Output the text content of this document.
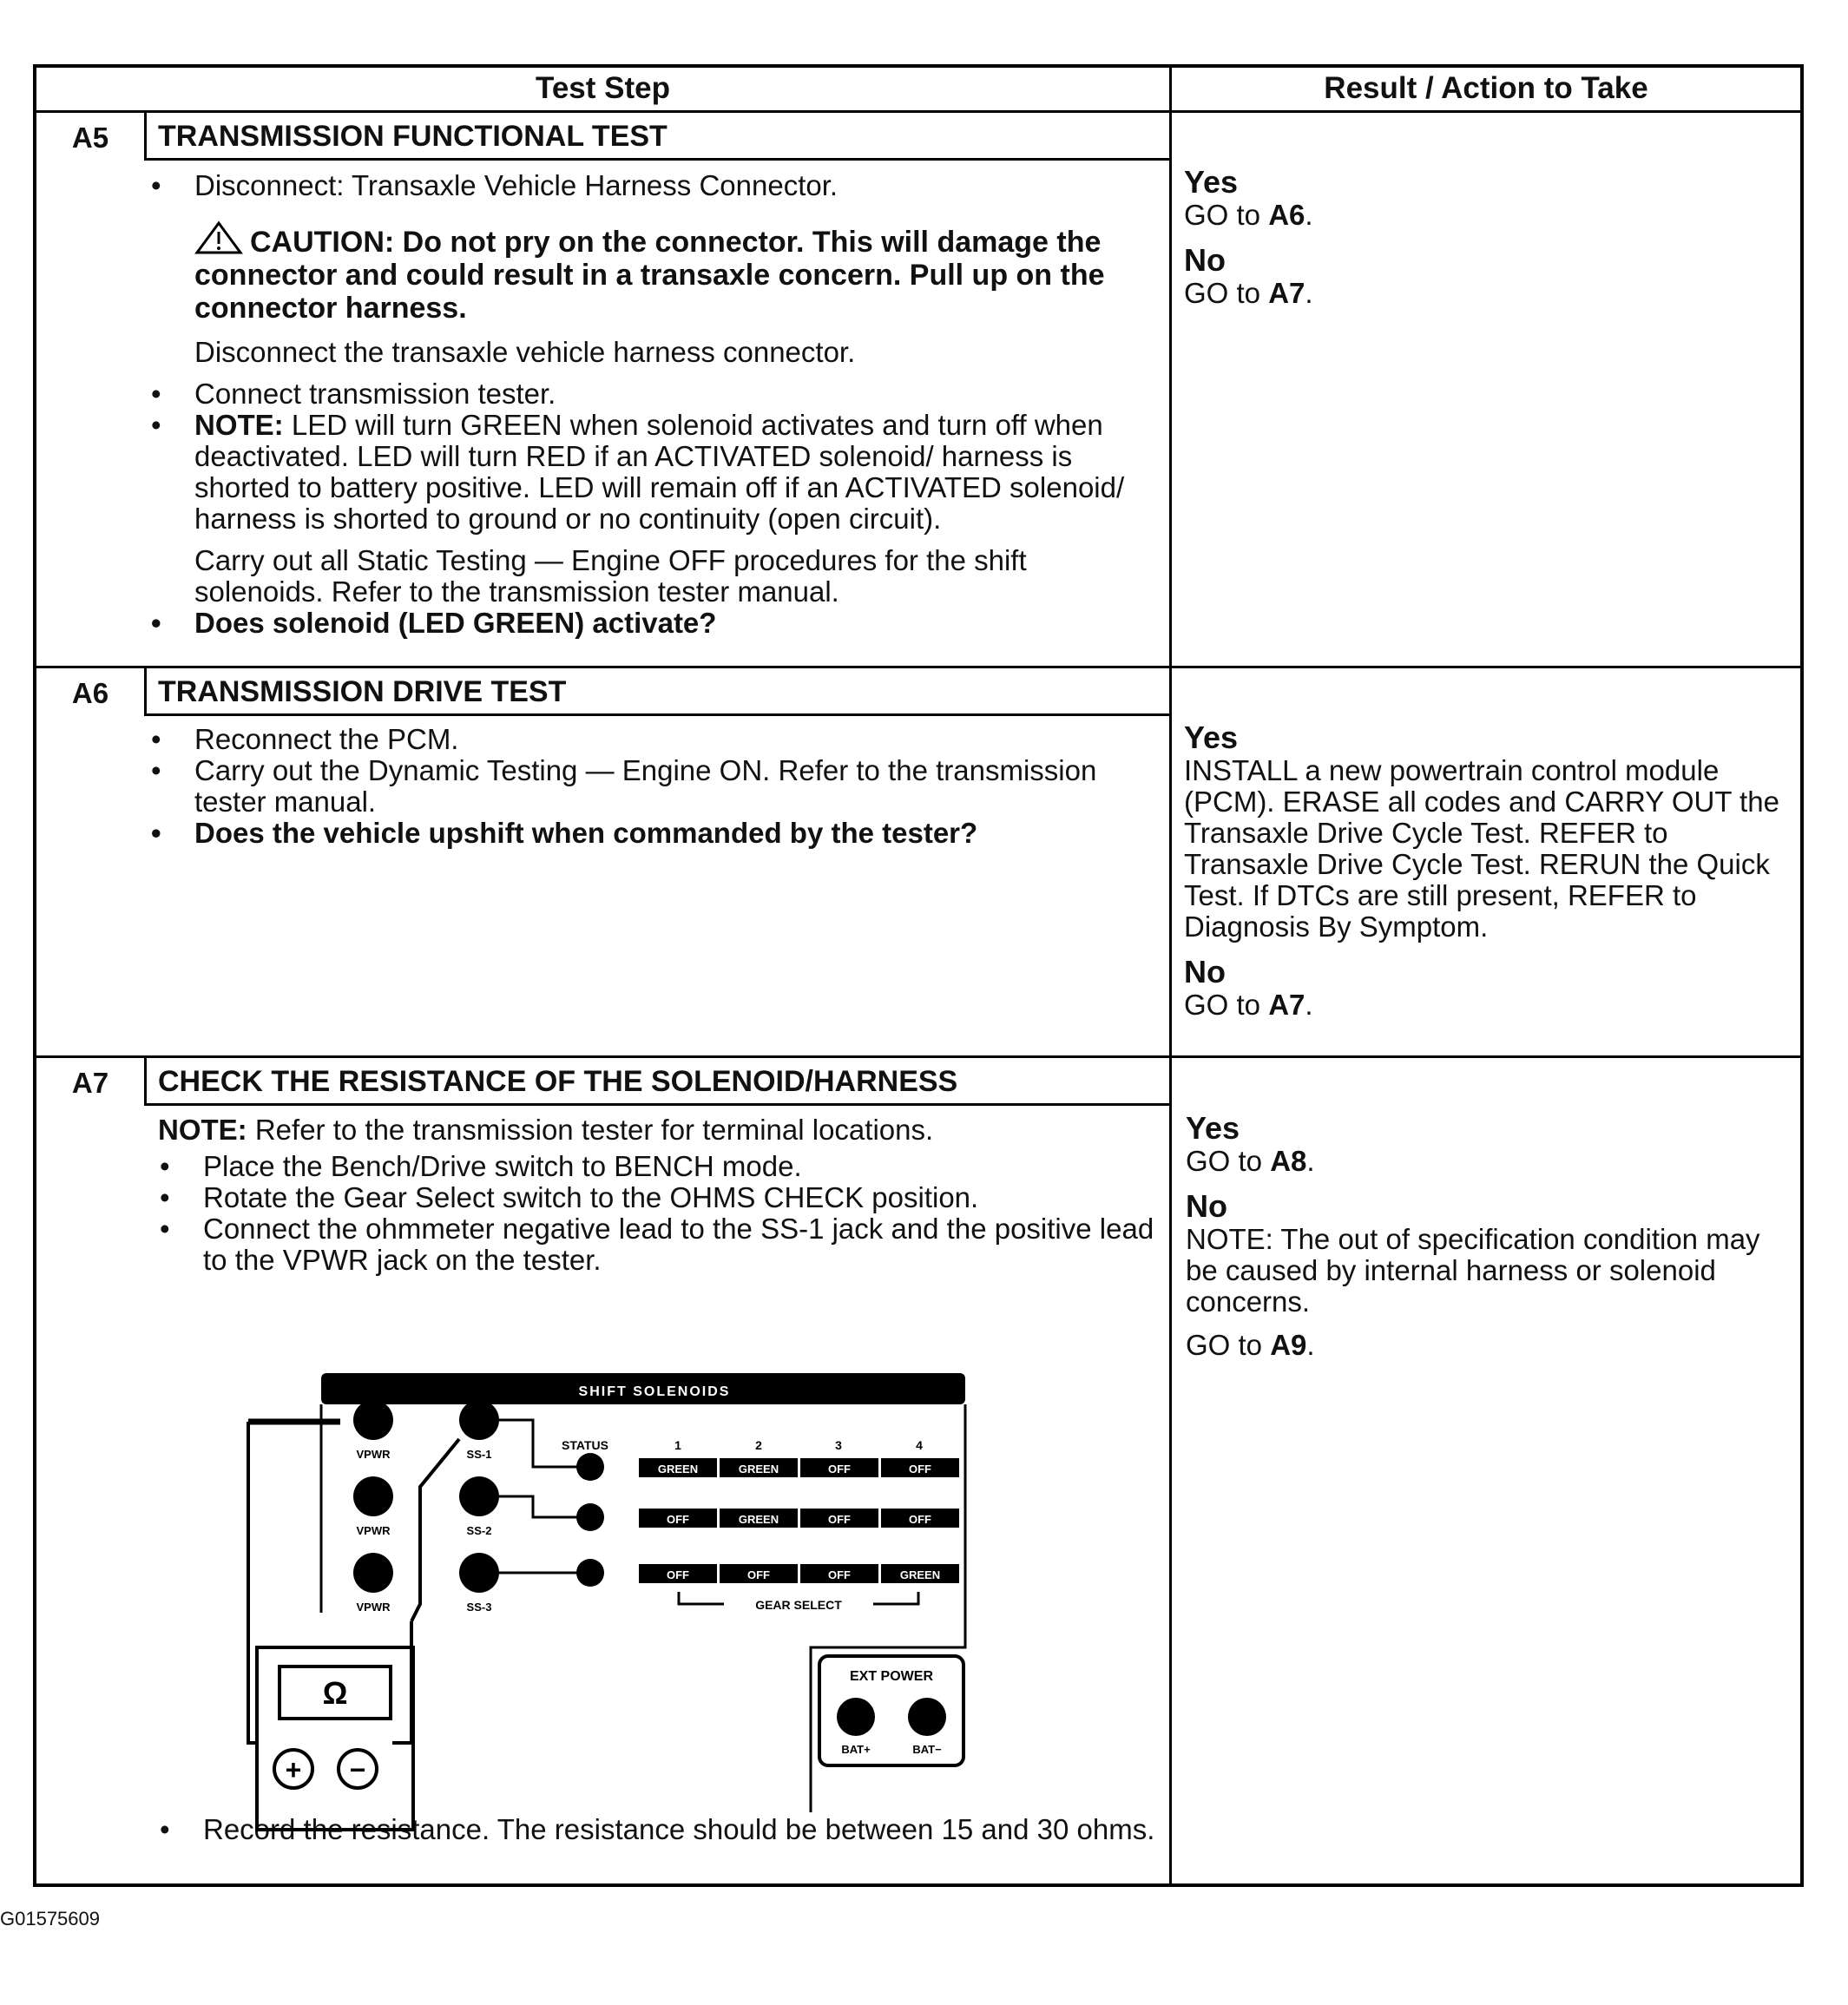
Test Step	Result / Action to Take
A5	TRANSMISSION FUNCTIONAL TEST

• Disconnect: Transaxle Vehicle Harness Connector.

CAUTION: Do not pry on the connector. This will damage the connector and could result in a transaxle concern. Pull up on the connector harness.

Disconnect the transaxle vehicle harness connector.

• Connect transmission tester.

• NOTE: LED will turn GREEN when solenoid activates and turn off when deactivated. LED will turn RED if an ACTIVATED solenoid/ harness is shorted to battery positive. LED will remain off if an ACTIVATED solenoid/ harness is shorted to ground or no continuity (open circuit).

Carry out all Static Testing — Engine OFF procedures for the shift solenoids. Refer to the transmission tester manual.

• Does solenoid (LED GREEN) activate?

Yes
GO to A6.
No
GO to A7.
A6	TRANSMISSION DRIVE TEST

• Reconnect the PCM.

• Carry out the Dynamic Testing — Engine ON. Refer to the transmission tester manual.

• Does the vehicle upshift when commanded by the tester?

Yes
INSTALL a new powertrain control module (PCM). ERASE all codes and CARRY OUT the Transaxle Drive Cycle Test. REFER to Transaxle Drive Cycle Test. RERUN the Quick Test. If DTCs are still present, REFER to Diagnosis By Symptom.
No
GO to A7.
A7	CHECK THE RESISTANCE OF THE SOLENOID/HARNESS

NOTE: Refer to the transmission tester for terminal locations.

• Place the Bench/Drive switch to BENCH mode.

• Rotate the Gear Select switch to the OHMS CHECK position.

• Connect the ohmmeter negative lead to the SS-1 jack and the positive lead to the VPWR jack on the tester.

• Record the resistance. The resistance should be between 15 and 30 ohms.

Yes
GO to A8.
No
NOTE: The out of specification condition may be caused by internal harness or solenoid concerns.
GO to A9.
SHIFT SOLENOIDS
VPWR
VPWR
VPWR
SS-1
SS-2
SS-3
STATUS	1	2	3	4
GREEN	GREEN	OFF	OFF
OFF	GREEN	OFF	OFF
OFF	OFF	OFF	GREEN
GEAR SELECT
EXT POWER
BAT+	BAT−
Ω
+ −
G01575609
